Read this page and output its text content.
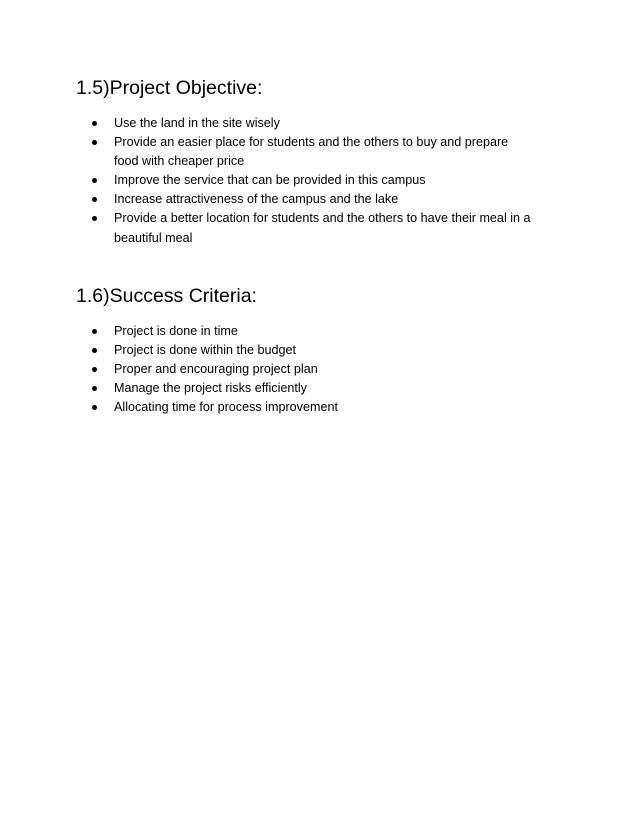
1.5)Project Objective:
Use the land in the site wisely
Provide an easier place for students and the others to buy and prepare
food with cheaper price
Improve the service that can be provided in this campus
Increase attractiveness of the campus and the lake
Provide a better location for students and the others to have their meal in a
beautiful meal
1.6)Success Criteria:
Project is done in time
Project is done within the budget
Proper and encouraging project plan
Manage the project risks efficiently
Allocating time for process improvement
